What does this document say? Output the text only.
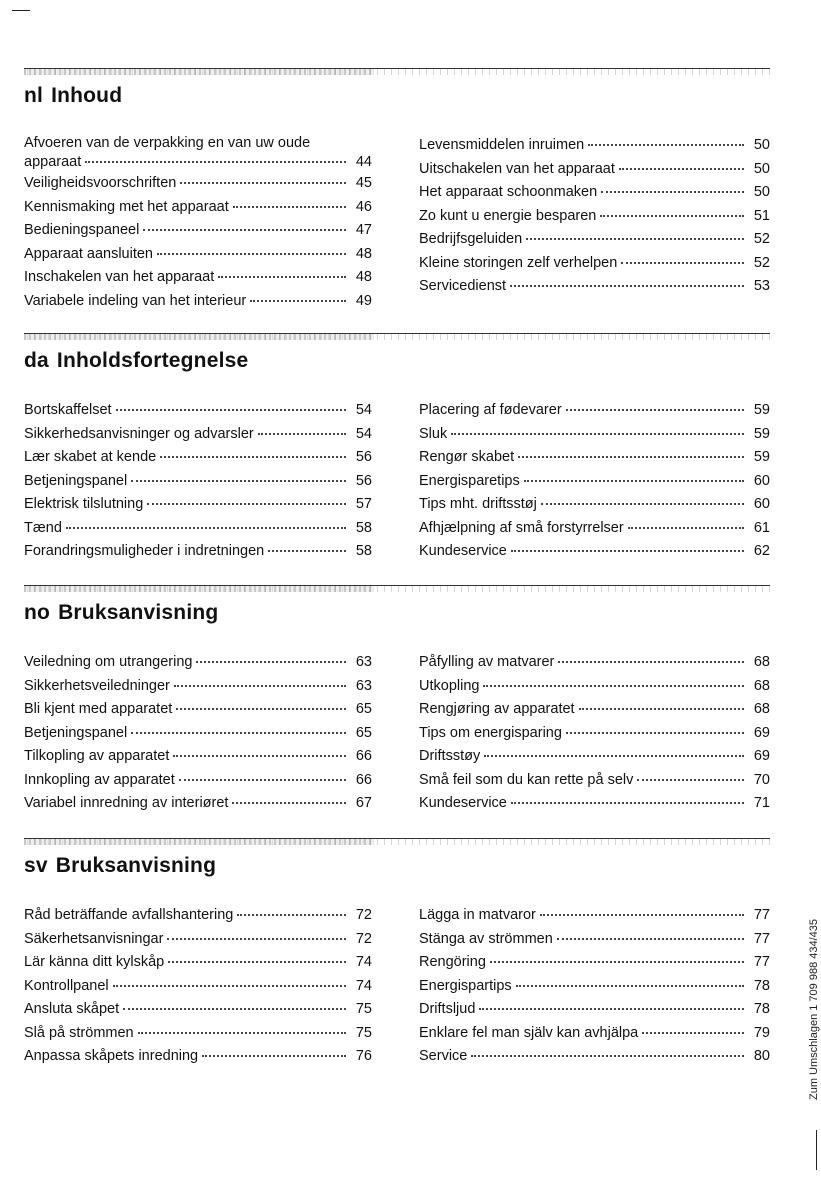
nl Inhoud
Afvoeren van de verpakking en van uw oude
apparaat	44
Veiligheidsvoorschriften	45
Kennismaking met het apparaat	46
Bedieningspaneel	47
Apparaat aansluiten	48
Inschakelen van het apparaat	48
Variabele indeling van het interieur	49
Levensmiddelen inruimen	50
Uitschakelen van het apparaat	50
Het apparaat schoonmaken	50
Zo kunt u energie besparen	51
Bedrijfsgeluiden	52
Kleine storingen zelf verhelpen	52
Servicedienst	53
da Inholdsfortegnelse
Bortskaffelset	54
Sikkerhedsanvisninger og advarsler	54
Lær skabet at kende	56
Betjeningspanel	56
Elektrisk tilslutning	57
Tænd	58
Forandringsmuligheder i indretningen	58
Placering af fødevarer	59
Sluk	59
Rengør skabet	59
Energisparetips	60
Tips mht. driftsstøj	60
Afhjælpning af små forstyrrelser	61
Kundeservice	62
no Bruksanvisning
Veiledning om utrangering	63
Sikkerhetsveiledninger	63
Bli kjent med apparatet	65
Betjeningspanel	65
Tilkopling av apparatet	66
Innkopling av apparatet	66
Variabel innredning av interiøret	67
Påfylling av matvarer	68
Utkopling	68
Rengjøring av apparatet	68
Tips om energisparing	69
Driftsstøy	69
Små feil som du kan rette på selv	70
Kundeservice	71
sv Bruksanvisning
Råd beträffande avfallshantering	72
Säkerhetsanvisningar	72
Lär känna ditt kylskåp	74
Kontrollpanel	74
Ansluta skåpet	75
Slå på strömmen	75
Anpassa skåpets inredning	76
Lägga in matvaror	77
Stänga av strömmen	77
Rengöring	77
Energispartips	78
Driftsljud	78
Enklare fel man själv kan avhjälpa	79
Service	80	Zum Umschlagen 1 709 988 434/435
